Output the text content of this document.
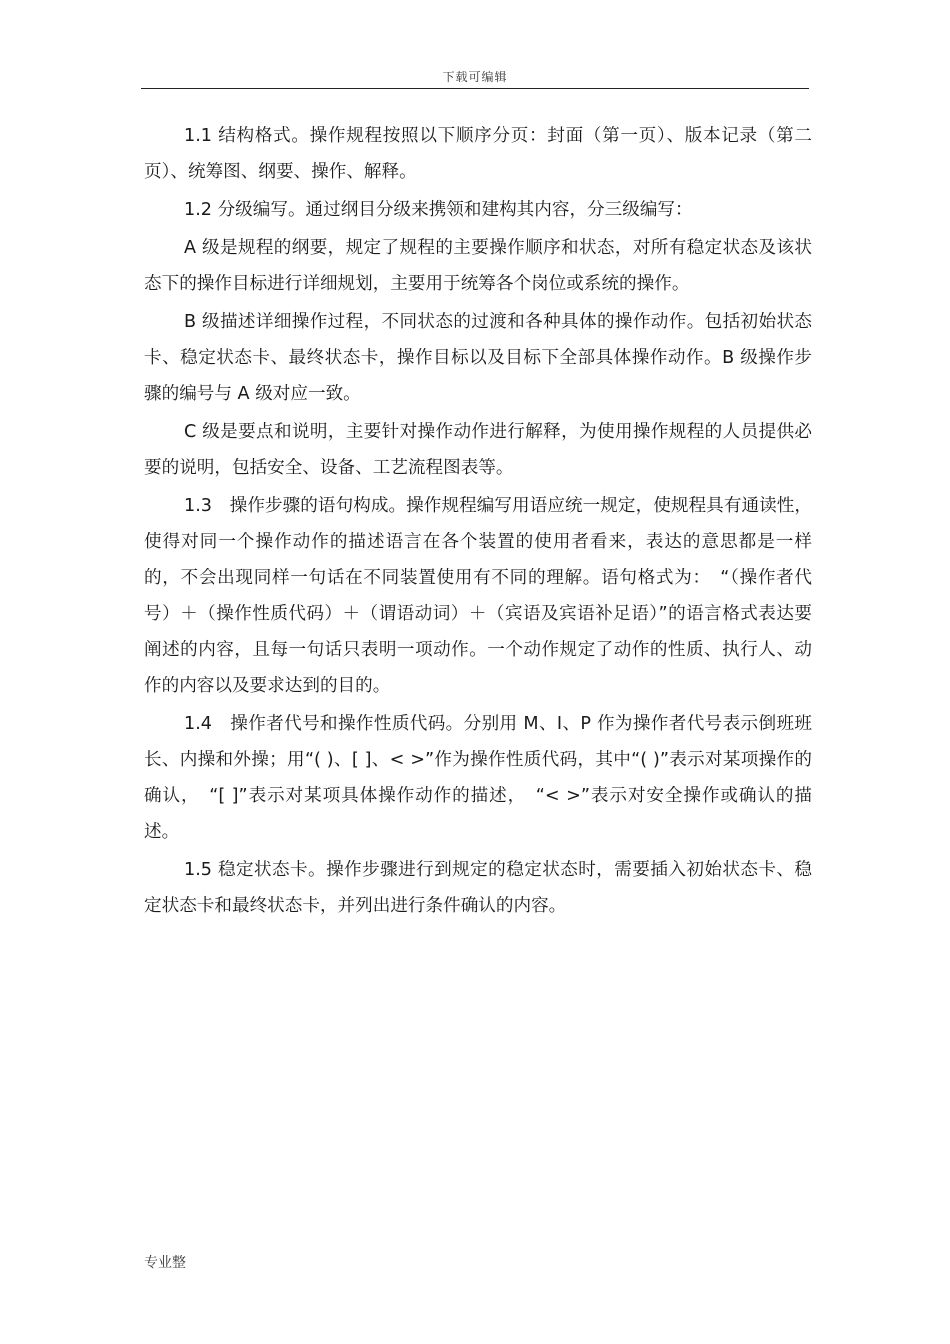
下载可编辑

1.1 结构格式。操作规程按照以下顺序分页：封面（第一页）、版本记录（第二页）、统筹图、纲要、操作、解释。

1.2 分级编写。通过纲目分级来携领和建构其内容，分三级编写：

A 级是规程的纲要，规定了规程的主要操作顺序和状态，对所有稳定状态及该状态下的操作目标进行详细规划，主要用于统筹各个岗位或系统的操作。

B 级描述详细操作过程，不同状态的过渡和各种具体的操作动作。包括初始状态卡、稳定状态卡、最终状态卡，操作目标以及目标下全部具体操作动作。B 级操作步骤的编号与 A 级对应一致。

C 级是要点和说明，主要针对操作动作进行解释，为使用操作规程的人员提供必要的说明，包括安全、设备、工艺流程图表等。

1.3　操作步骤的语句构成。操作规程编写用语应统一规定，使规程具有通读性，使得对同一个操作动作的描述语言在各个装置的使用者看来，表达的意思都是一样的，不会出现同样一句话在不同装置使用有不同的理解。语句格式为：　“（操作者代号）＋（操作性质代码）＋（谓语动词）＋（宾语及宾语补足语）”的语言格式表达要阐述的内容，且每一句话只表明一项动作。一个动作规定了动作的性质、执行人、动作的内容以及要求达到的目的。

1.4　操作者代号和操作性质代码。分别用 M、I、P 作为操作者代号表示倒班班长、内操和外操；用“( )、[ ]、< >”作为操作性质代码，其中“( )”表示对某项操作的确认，　“[ ]”表示对某项具体操作动作的描述，　“< >”表示对安全操作或确认的描述。

1.5 稳定状态卡。操作步骤进行到规定的稳定状态时，需要插入初始状态卡、稳定状态卡和最终状态卡，并列出进行条件确认的内容。

专业整
